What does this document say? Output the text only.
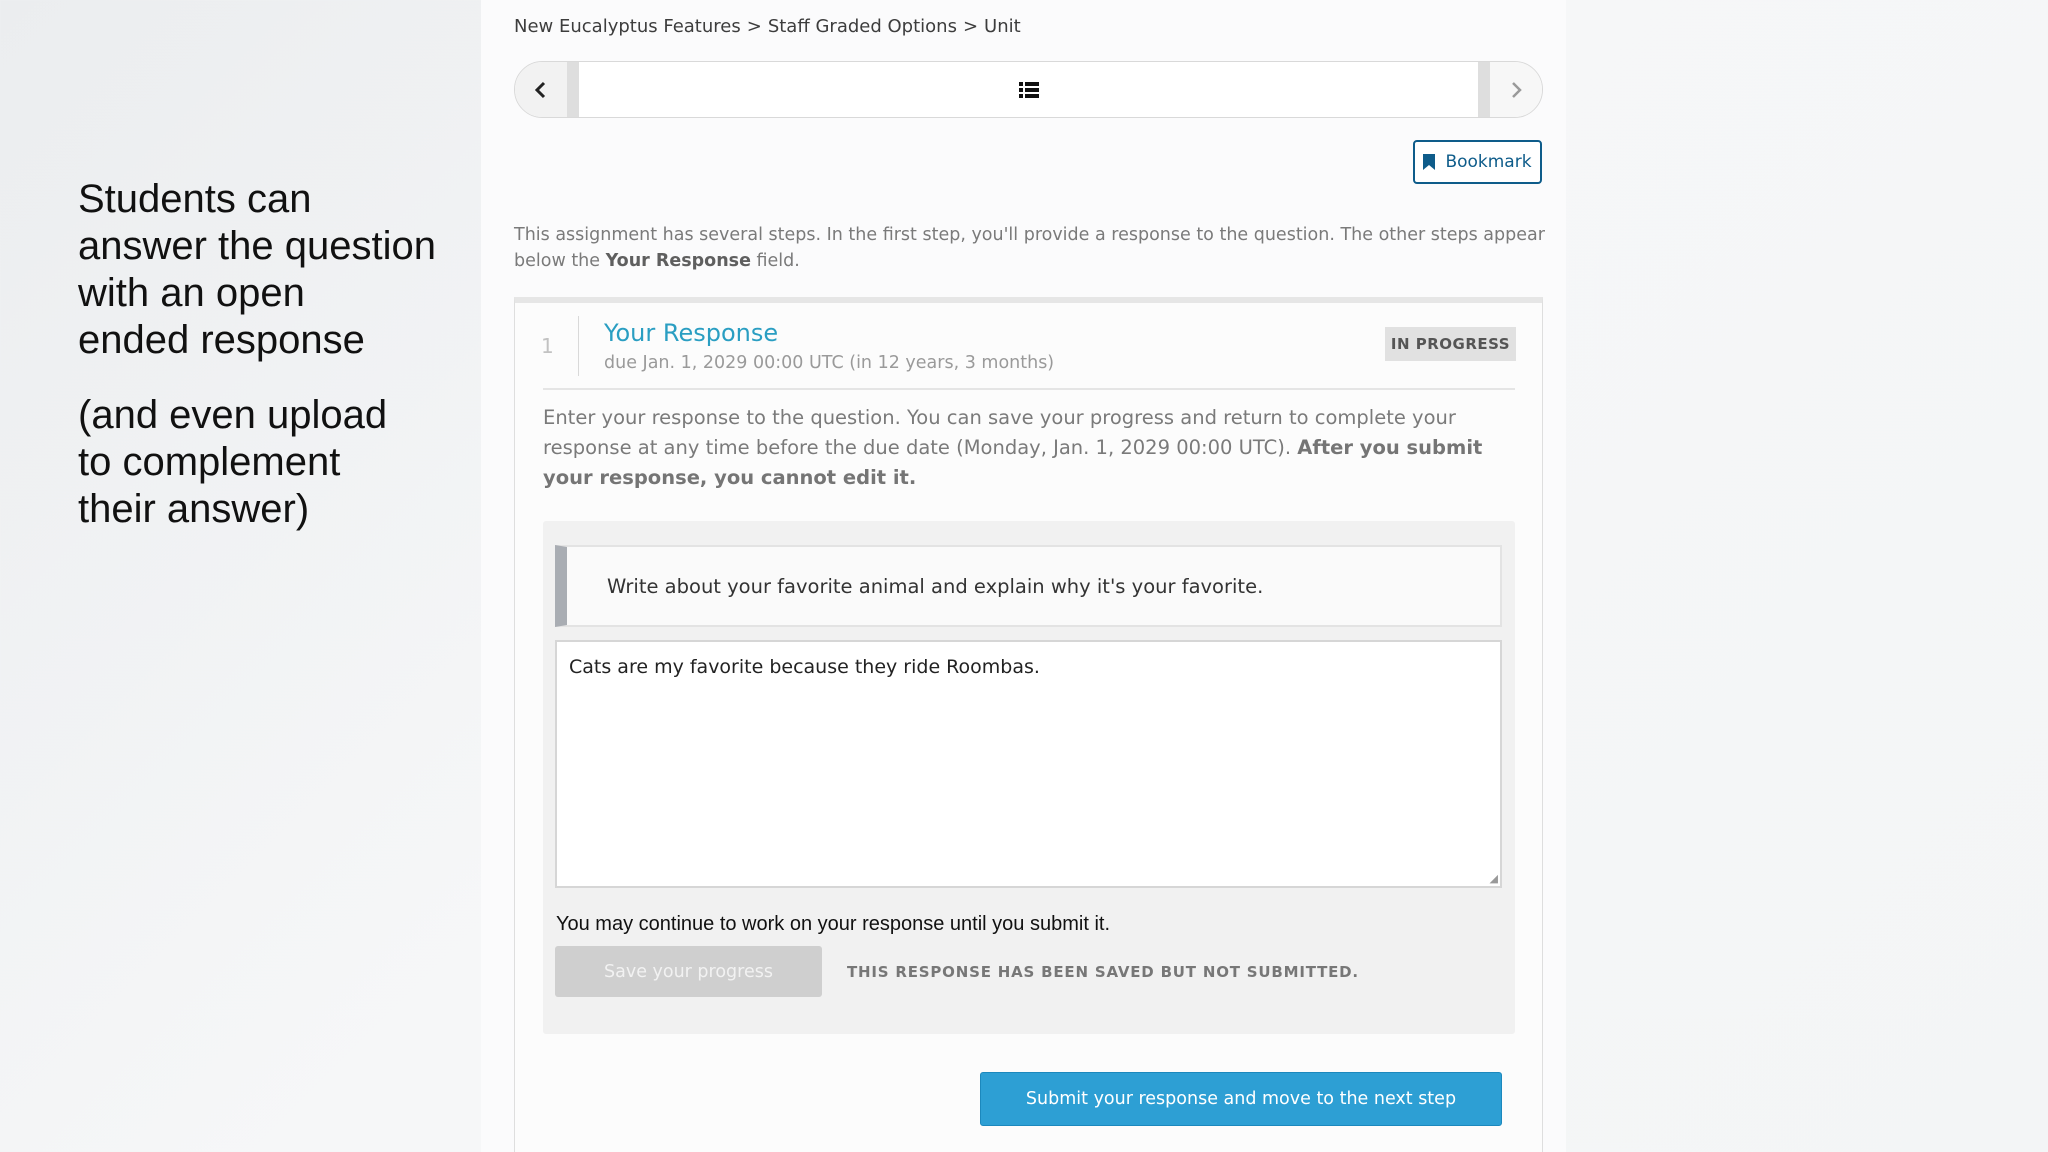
Students can
answer the question
with an open
ended response

(and even upload
to complement
their answer)

New Eucalyptus Features > Staff Graded Options > Unit
Bookmark
This assignment has several steps. In the first step, you'll provide a response to the question. The other steps appear below the Your Response field.
1 Your Response
due Jan. 1, 2029 00:00 UTC (in 12 years, 3 months)
IN PROGRESS
Enter your response to the question. You can save your progress and return to complete your response at any time before the due date (Monday, Jan. 1, 2029 00:00 UTC). After you submit your response, you cannot edit it.
Write about your favorite animal and explain why it's your favorite.
Cats are my favorite because they ride Roombas.
◢
You may continue to work on your response until you submit it.
Save your progress	THIS RESPONSE HAS BEEN SAVED BUT NOT SUBMITTED.
Submit your response and move to the next step
